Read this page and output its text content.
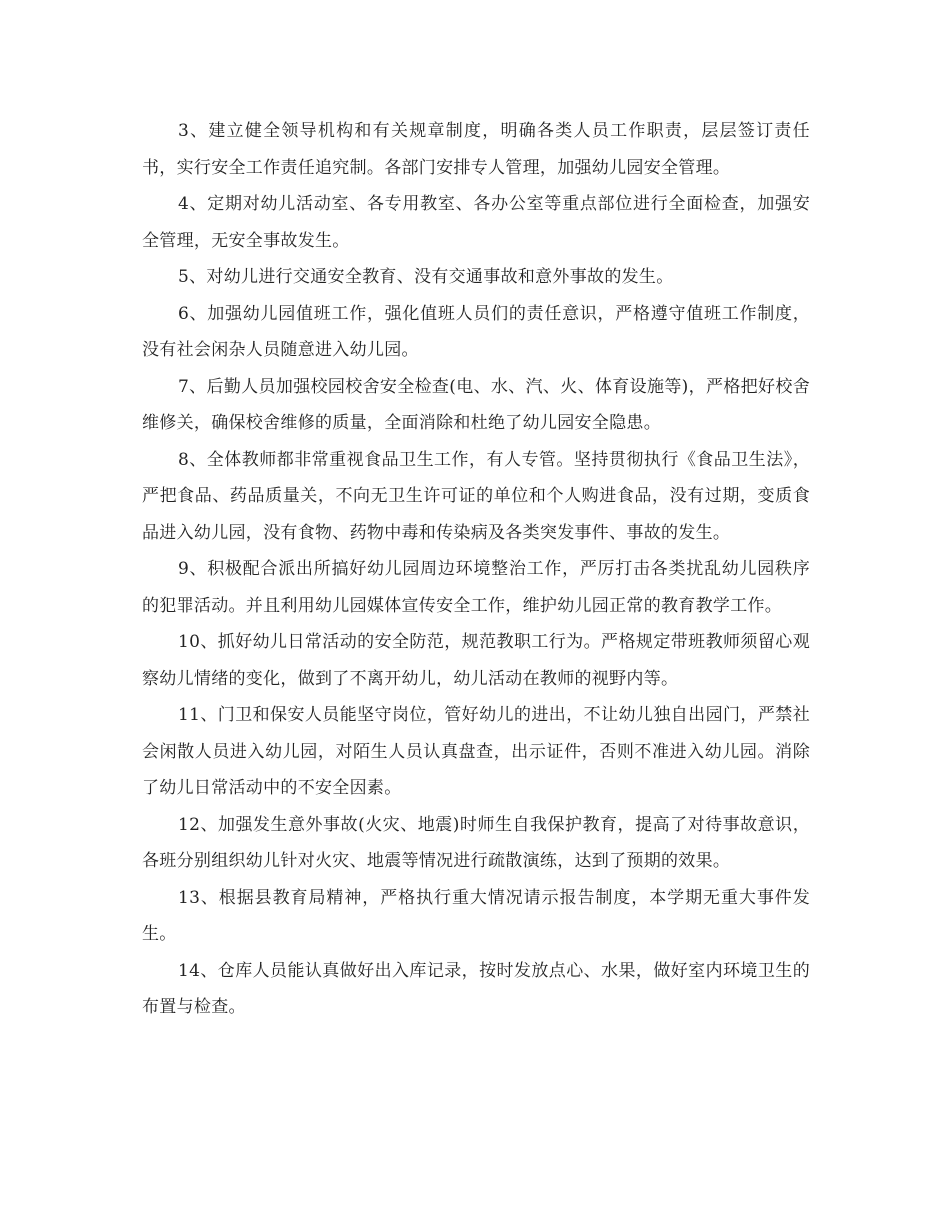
3、建立健全领导机构和有关规章制度，明确各类人员工作职责，层层签订责任书，实行安全工作责任追究制。各部门安排专人管理，加强幼儿园安全管理。

4、定期对幼儿活动室、各专用教室、各办公室等重点部位进行全面检查，加强安全管理，无安全事故发生。

5、对幼儿进行交通安全教育、没有交通事故和意外事故的发生。

6、加强幼儿园值班工作，强化值班人员们的责任意识，严格遵守值班工作制度，没有社会闲杂人员随意进入幼儿园。

7、后勤人员加强校园校舍安全检查(电、水、汽、火、体育设施等)，严格把好校舍维修关，确保校舍维修的质量，全面消除和杜绝了幼儿园安全隐患。

8、全体教师都非常重视食品卫生工作，有人专管。坚持贯彻执行《食品卫生法》，严把食品、药品质量关，不向无卫生许可证的单位和个人购进食品，没有过期，变质食品进入幼儿园，没有食物、药物中毒和传染病及各类突发事件、事故的发生。

9、积极配合派出所搞好幼儿园周边环境整治工作，严厉打击各类扰乱幼儿园秩序的犯罪活动。并且利用幼儿园媒体宣传安全工作，维护幼儿园正常的教育教学工作。

10、抓好幼儿日常活动的安全防范，规范教职工行为。严格规定带班教师须留心观察幼儿情绪的变化，做到了不离开幼儿，幼儿活动在教师的视野内等。

11、门卫和保安人员能坚守岗位，管好幼儿的进出，不让幼儿独自出园门，严禁社会闲散人员进入幼儿园，对陌生人员认真盘查，出示证件，否则不准进入幼儿园。消除了幼儿日常活动中的不安全因素。

12、加强发生意外事故(火灾、地震)时师生自我保护教育，提高了对待事故意识，各班分别组织幼儿针对火灾、地震等情况进行疏散演练，达到了预期的效果。

13、根据县教育局精神，严格执行重大情况请示报告制度，本学期无重大事件发生。

14、仓库人员能认真做好出入库记录，按时发放点心、水果，做好室内环境卫生的布置与检查。
